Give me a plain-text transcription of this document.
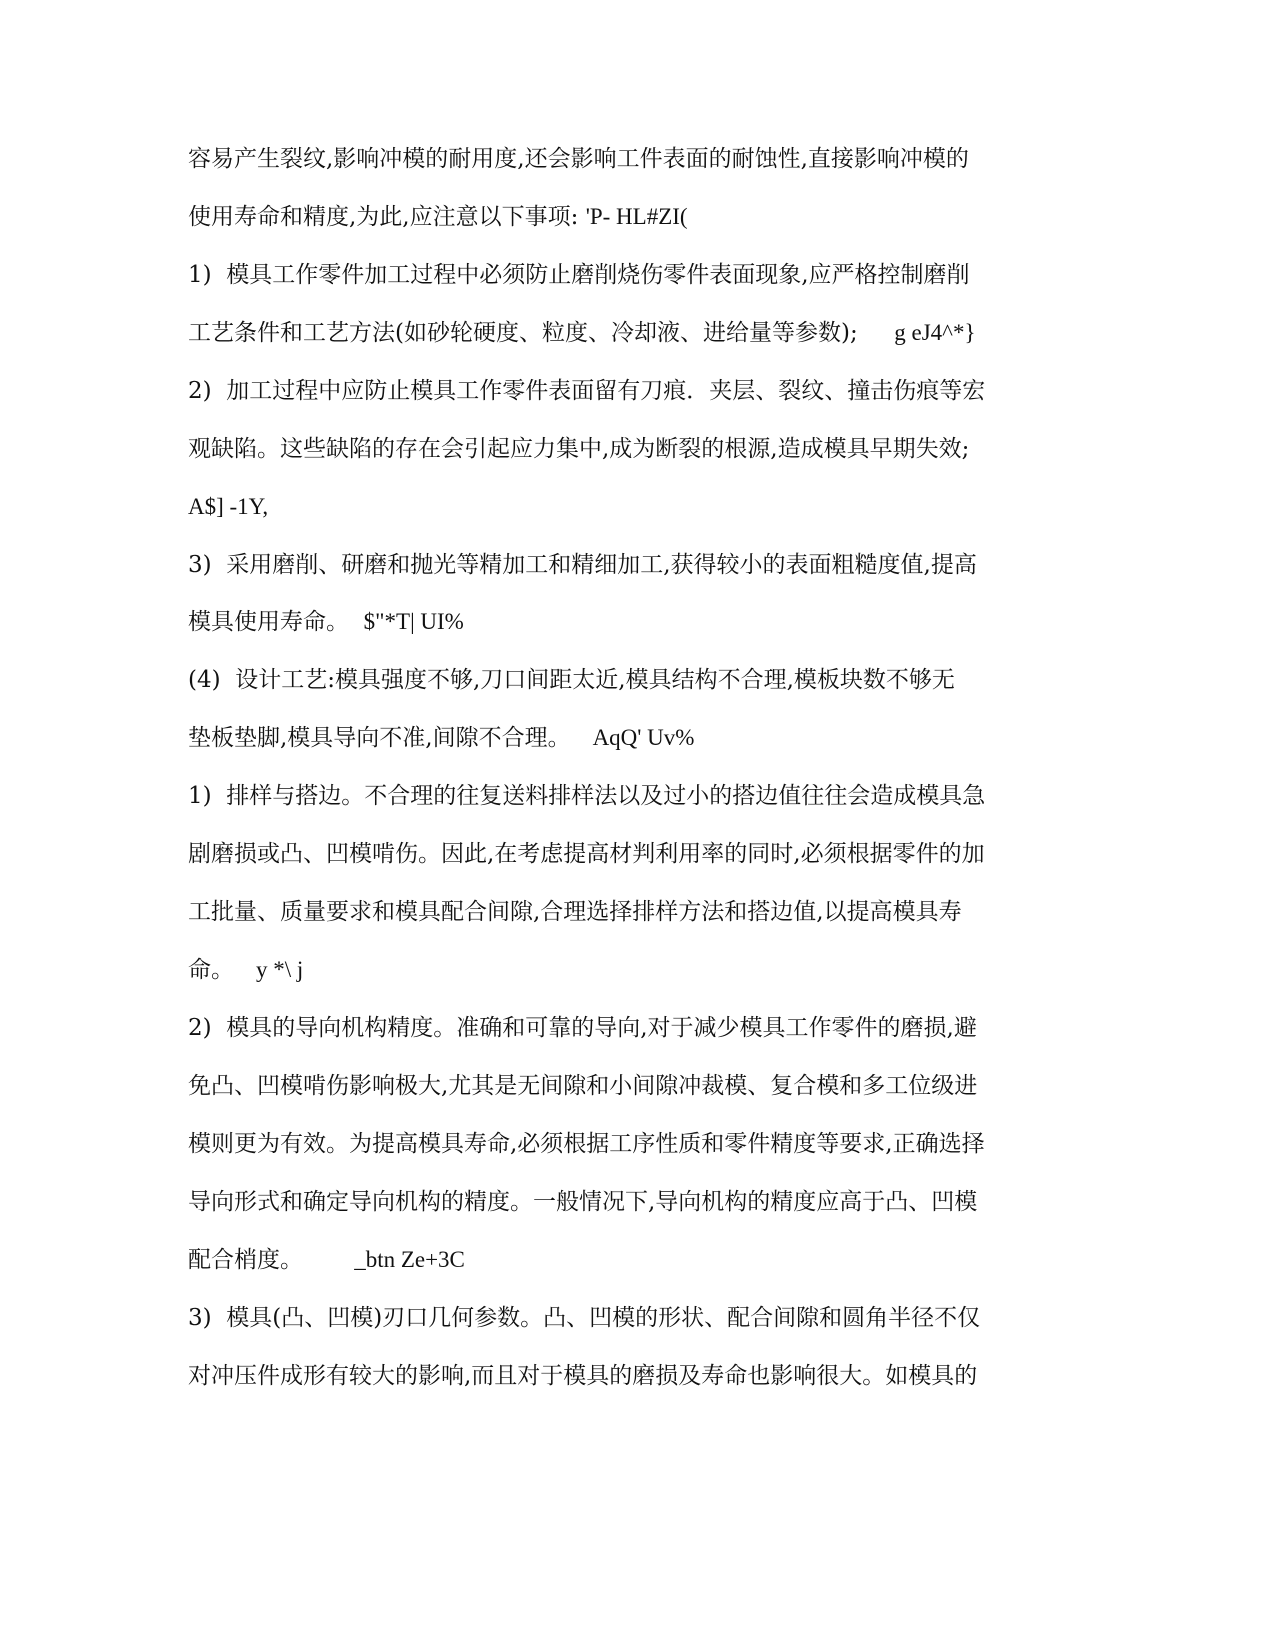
容易产生裂纹,影响冲模的耐用度,还会影响工件表面的耐蚀性,直接影响冲模的
使用寿命和精度,为此,应注意以下事项: 'P- HL#ZI(
1)  模具工作零件加工过程中必须防止磨削烧伤零件表面现象,应严格控制磨削
工艺条件和工艺方法(如砂轮硬度、粒度、冷却液、进给量等参数);     g eJ4^*}
2)  加工过程中应防止模具工作零件表面留有刀痕．夹层、裂纹、撞击伤痕等宏
观缺陷。这些缺陷的存在会引起应力集中,成为断裂的根源,造成模具早期失效;
A$] -1Y,
3)  采用磨削、研磨和抛光等精加工和精细加工,获得较小的表面粗糙度值,提高
模具使用寿命。  $"*T| UI%
(4)  设计工艺:模具强度不够,刀口间距太近,模具结构不合理,模板块数不够无
垫板垫脚,模具导向不准,间隙不合理。   AqQ' Uv%
1)  排样与搭边。不合理的往复送料排样法以及过小的搭边值往往会造成模具急
剧磨损或凸、凹模啃伤。因此,在考虑提高材判利用率的同时,必须根据零件的加
工批量、质量要求和模具配合间隙,合理选择排样方法和搭边值,以提高模具寿
命。   y *\ j
2)  模具的导向机构精度。准确和可靠的导向,对于减少模具工作零件的磨损,避
免凸、凹模啃伤影响极大,尤其是无间隙和小间隙冲裁模、复合模和多工位级进
模则更为有效。为提高模具寿命,必须根据工序性质和零件精度等要求,正确选择
导向形式和确定导向机构的精度。一般情况下,导向机构的精度应高于凸、凹模
配合梢度。       _btn Ze+3C
3)  模具(凸、凹模)刃口几何参数。凸、凹模的形状、配合间隙和圆角半径不仅
对冲压件成形有较大的影响,而且对于模具的磨损及寿命也影响很大。如模具的
